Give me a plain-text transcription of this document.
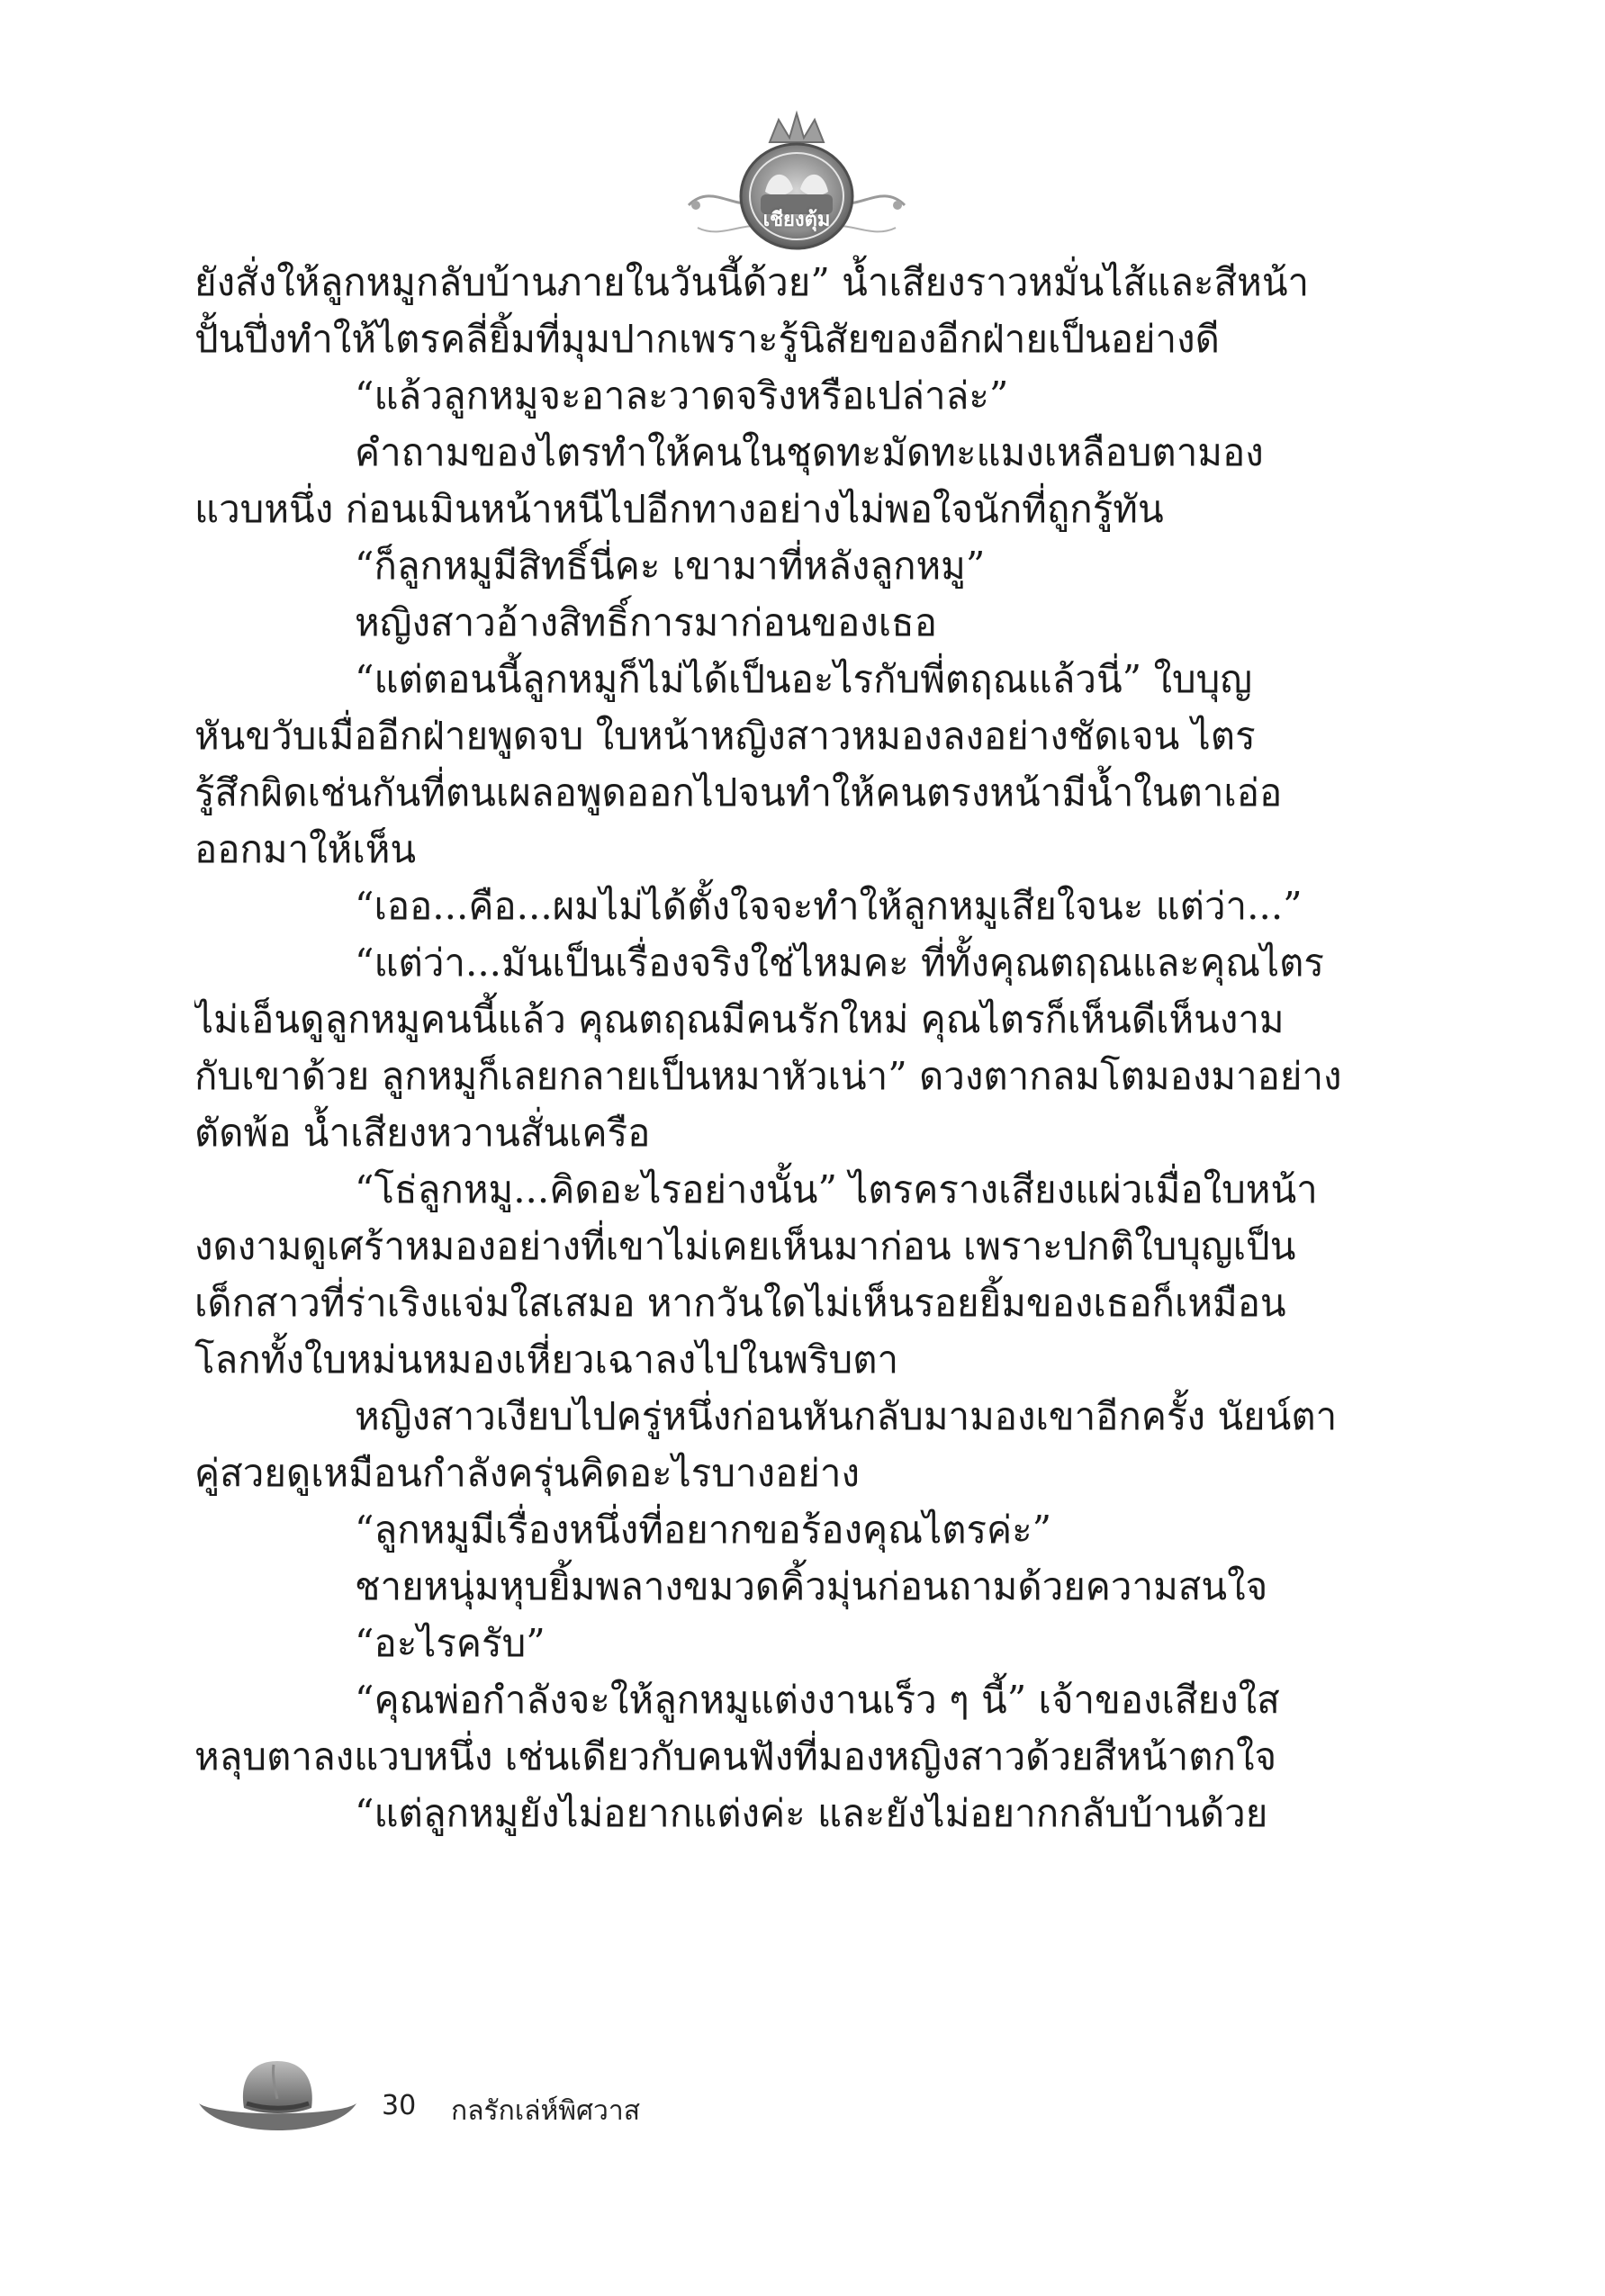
เชียงตุ้ม
ยังสั่งให้ลูกหมูกลับบ้านภายในวันนี้ด้วย” น้ำเสียงราวหมั่นไส้และสีหน้า
ปั้นปึ่งทำให้ไตรคลี่ยิ้มที่มุมปากเพราะรู้นิสัยของอีกฝ่ายเป็นอย่างดี
“แล้วลูกหมูจะอาละวาดจริงหรือเปล่าล่ะ”
คำถามของไตรทำให้คนในชุดทะมัดทะแมงเหลือบตามอง
แวบหนึ่ง ก่อนเมินหน้าหนีไปอีกทางอย่างไม่พอใจนักที่ถูกรู้ทัน
“ก็ลูกหมูมีสิทธิ์นี่คะ เขามาที่หลังลูกหมู”
หญิงสาวอ้างสิทธิ์การมาก่อนของเธอ
“แต่ตอนนี้ลูกหมูก็ไม่ได้เป็นอะไรกับพี่ตฤณแล้วนี่” ใบบุญ
หันขวับเมื่ออีกฝ่ายพูดจบ ใบหน้าหญิงสาวหมองลงอย่างชัดเจน ไตร
รู้สึกผิดเช่นกันที่ตนเผลอพูดออกไปจนทำให้คนตรงหน้ามีน้ำในตาเอ่อ
ออกมาให้เห็น
“เออ...คือ...ผมไม่ได้ตั้งใจจะทำให้ลูกหมูเสียใจนะ แต่ว่า...”
“แต่ว่า...มันเป็นเรื่องจริงใช่ไหมคะ ที่ทั้งคุณตฤณและคุณไตร
ไม่เอ็นดูลูกหมูคนนี้แล้ว คุณตฤณมีคนรักใหม่ คุณไตรก็เห็นดีเห็นงาม
กับเขาด้วย ลูกหมูก็เลยกลายเป็นหมาหัวเน่า” ดวงตากลมโตมองมาอย่าง
ตัดพ้อ น้ำเสียงหวานสั่นเครือ
“โธ่ลูกหมู...คิดอะไรอย่างนั้น” ไตรครางเสียงแผ่วเมื่อใบหน้า
งดงามดูเศร้าหมองอย่างที่เขาไม่เคยเห็นมาก่อน เพราะปกติใบบุญเป็น
เด็กสาวที่ร่าเริงแจ่มใสเสมอ หากวันใดไม่เห็นรอยยิ้มของเธอก็เหมือน
โลกทั้งใบหม่นหมองเหี่ยวเฉาลงไปในพริบตา
หญิงสาวเงียบไปครู่หนึ่งก่อนหันกลับมามองเขาอีกครั้ง นัยน์ตา
คู่สวยดูเหมือนกำลังครุ่นคิดอะไรบางอย่าง
“ลูกหมูมีเรื่องหนึ่งที่อยากขอร้องคุณไตรค่ะ”
ชายหนุ่มหุบยิ้มพลางขมวดคิ้วมุ่นก่อนถามด้วยความสนใจ
“อะไรครับ”
“คุณพ่อกำลังจะให้ลูกหมูแต่งงานเร็ว ๆ นี้” เจ้าของเสียงใส
หลุบตาลงแวบหนึ่ง เช่นเดียวกับคนฟังที่มองหญิงสาวด้วยสีหน้าตกใจ
“แต่ลูกหมูยังไม่อยากแต่งค่ะ และยังไม่อยากกลับบ้านด้วย
30 กลรักเล่ห์พิศวาส
